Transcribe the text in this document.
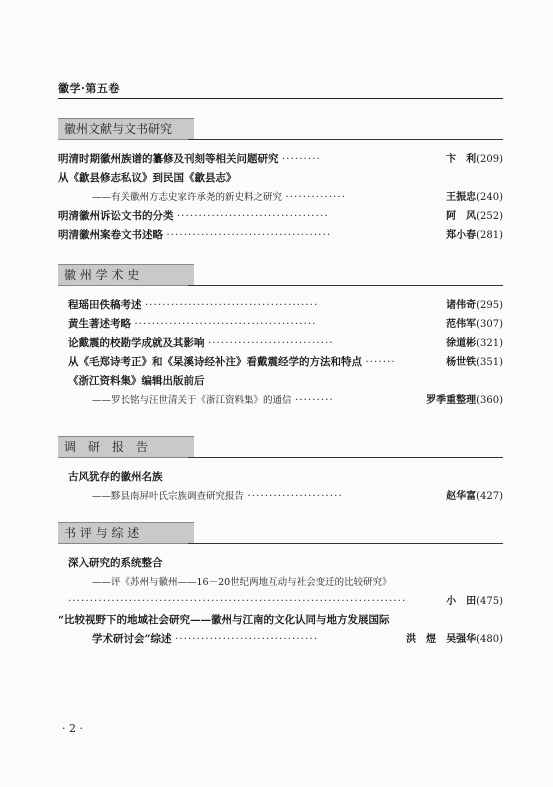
徽学·第五卷
徽州文献与文书研究
明清时期徽州族谱的纂修及刊刻等相关问题研究 ·········	卞　利(209)
从《歙县修志私议》到民国《歙县志》
——有关徽州方志史家许承尧的新史料之研究 ··············	王振忠(240)
明清徽州诉讼文书的分类 ···································	阿　风(252)
明清徽州案卷文书述略 ······································	郑小春(281)
徽 州 学 术 史
程瑶田佚稿考述 ········································	诸伟奇(295)
黄生著述考略 ··········································	范伟军(307)
论戴震的校勘学成就及其影响 ·····························	徐道彬(321)
从《毛郑诗考正》和《杲溪诗经补注》看戴震经学的方法和特点 ·······	杨世铁(351)
《浙江资料集》编辑出版前后
——罗长铭与汪世清关于《浙江资料集》的通信 ·········	罗季重整理(360)
调　研　报　告
古风犹存的徽州名族
——黟县南屏叶氏宗族调查研究报告 ······················	赵华富(427)
书 评 与 综 述
深入研究的系统整合
——评《苏州与徽州——16－20世纪两地互动与社会变迁的比较研究》
··············································································	小　田(475)
“比较视野下的地域社会研究——徽州与江南的文化认同与地方发展国际
学术研讨会”综述 ·································	洪　煜　吴强华(480)
· 2 ·
